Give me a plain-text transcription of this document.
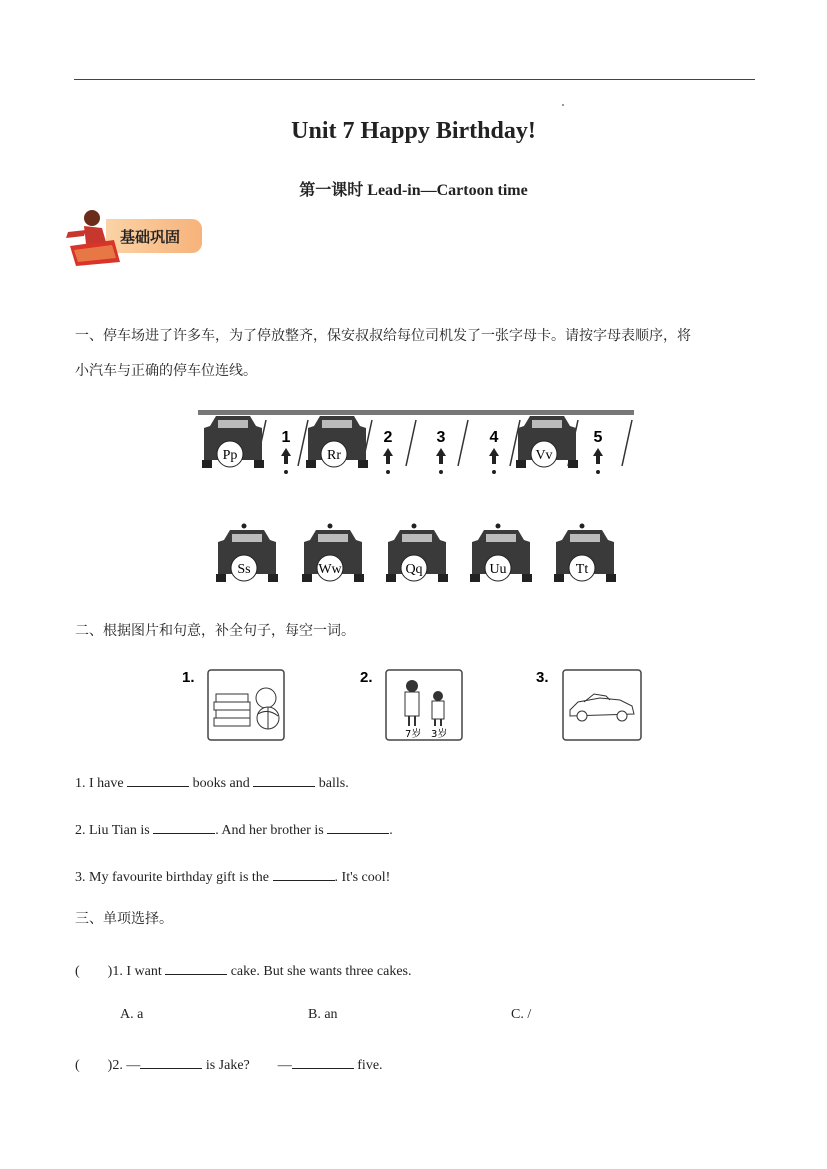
Unit 7 Happy Birthday!
第一课时 Lead-in—Cartoon time
基础巩固
一、停车场进了许多车，为了停放整齐，保安叔叔给每位司机发了一张字母卡。请按字母表顺序，将
小汽车与正确的停车位连线。
Pp	Rr	Vv
1	2	3	4	5
Ss	Ww	Qq	Uu	Tt
二、根据图片和句意，补全句子，每空一词。
1.	2.
7岁 3岁
3.
1. I have	books and	balls.
2. Liu Tian is	. And her brother is	.
3. My favourite birthday gift is the	. It's cool!
三、单项选择。
(        )1. I want	cake. But she wants three cakes.
A. a	B. an	C. /
(        )2. —	is Jake?        —	five.
